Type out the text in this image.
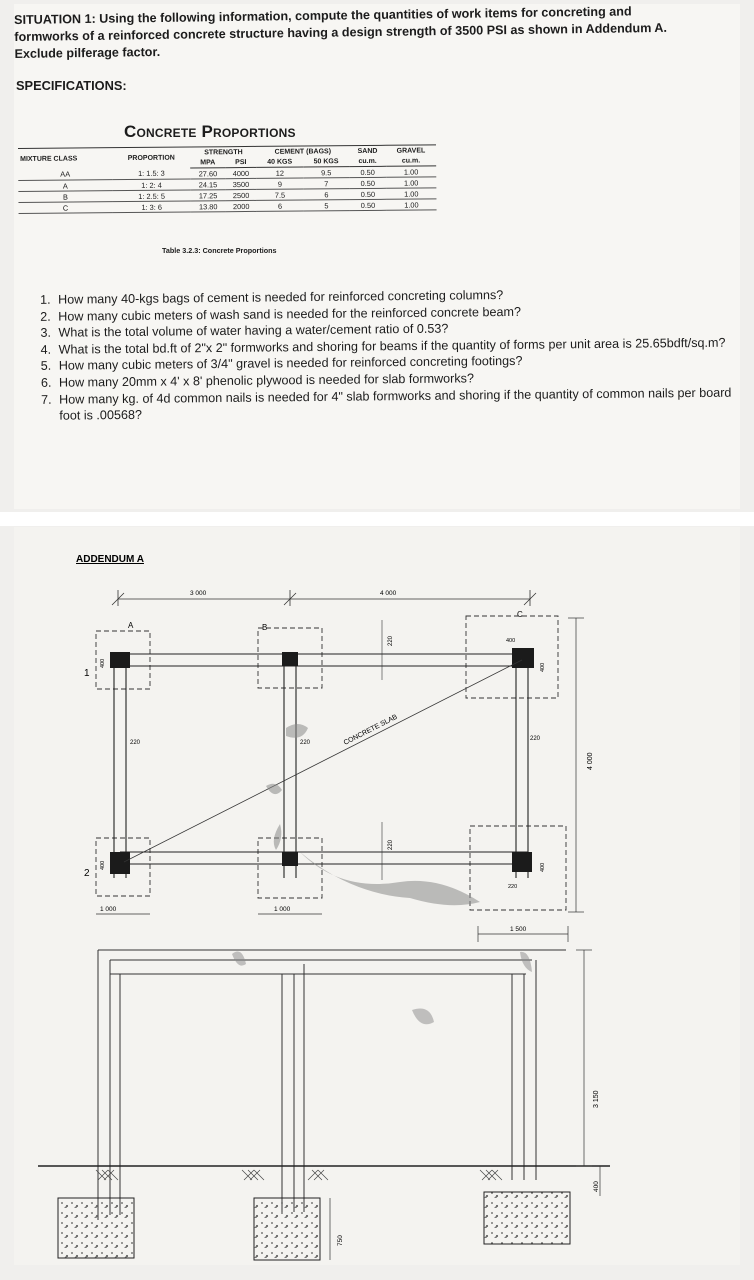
SITUATION 1: Using the following information, compute the quantities of work items for concreting and formworks of a reinforced concrete structure having a design strength of 3500 PSI as shown in Addendum A. Exclude pilferage factor.
SPECIFICATIONS:
Concrete Proportions
MIXTURE CLASS	PROPORTION	STRENGTH		CEMENT (BAGS)		SAND	GRAVEL
		MPA	PSI	40 KGS	50 KGS	cu.m.	cu.m.
AA	1: 1.5: 3	27.60	4000	12	9.5	0.50	1.00
A	1: 2: 4	24.15	3500	9	7	0.50	1.00
B	1: 2.5: 5	17.25	2500	7.5	6	0.50	1.00
C	1: 3: 6	13.80	2000	6	5	0.50	1.00
Table 3.2.3: Concrete Proportions
1. How many 40-kgs bags of cement is needed for reinforced concreting columns?
2. How many cubic meters of wash sand is needed for the reinforced concrete beam?
3. What is the total volume of water having a water/cement ratio of 0.53?
4. What is the total bd.ft of 2"x 2" formworks and shoring for beams if the quantity of forms per unit area is 25.65bdft/sq.m?
5. How many cubic meters of 3/4" gravel is needed for reinforced concreting footings?
6. How many 20mm x 4' x 8' phenolic plywood is needed for slab formworks?
7. How many kg. of 4d common nails is needed for 4" slab formworks and shoring if the quantity of common nails per board foot is .00568?
ADDENDUM A
3 000	4 000
A	B
C
1
2
CONCRETE SLAB
400
400
400
400
400
220	220
220
220
220
220
1 000	1 000
1 500
4 000
3 150
400
750
